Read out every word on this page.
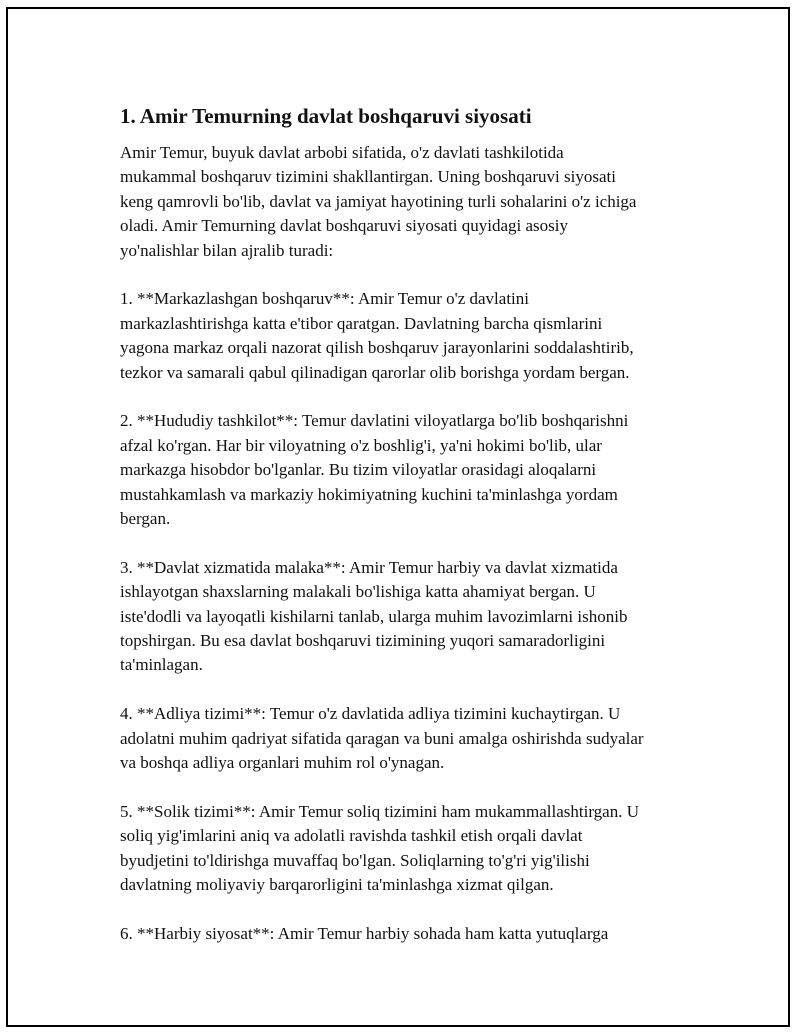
1. Amir Temurning davlat boshqaruvi siyosati
Amir Temur, buyuk davlat arbobi sifatida, o'z davlati tashkilotida
mukammal boshqaruv tizimini shakllantirgan. Uning boshqaruvi siyosati
keng qamrovli bo'lib, davlat va jamiyat hayotining turli sohalarini o'z ichiga
oladi. Amir Temurning davlat boshqaruvi siyosati quyidagi asosiy
yo'nalishlar bilan ajralib turadi:
1. **Markazlashgan boshqaruv**: Amir Temur o'z davlatini
markazlashtirishga katta e'tibor qaratgan. Davlatning barcha qismlarini
yagona markaz orqali nazorat qilish boshqaruv jarayonlarini soddalashtirib,
tezkor va samarali qabul qilinadigan qarorlar olib borishga yordam bergan.
2. **Hududiy tashkilot**: Temur davlatini viloyatlarga bo'lib boshqarishni
afzal ko'rgan. Har bir viloyatning o'z boshlig'i, ya'ni hokimi bo'lib, ular
markazga hisobdor bo'lganlar. Bu tizim viloyatlar orasidagi aloqalarni
mustahkamlash va markaziy hokimiyatning kuchini ta'minlashga yordam
bergan.
3. **Davlat xizmatida malaka**: Amir Temur harbiy va davlat xizmatida
ishlayotgan shaxslarning malakali bo'lishiga katta ahamiyat bergan. U
iste'dodli va layoqatli kishilarni tanlab, ularga muhim lavozimlarni ishonib
topshirgan. Bu esa davlat boshqaruvi tizimining yuqori samaradorligini
ta'minlagan.
4. **Adliya tizimi**: Temur o'z davlatida adliya tizimini kuchaytirgan. U
adolatni muhim qadriyat sifatida qaragan va buni amalga oshirishda sudyalar
va boshqa adliya organlari muhim rol o'ynagan.
5. **Solik tizimi**: Amir Temur soliq tizimini ham mukammallashtirgan. U
soliq yig'imlarini aniq va adolatli ravishda tashkil etish orqali davlat
byudjetini to'ldirishga muvaffaq bo'lgan. Soliqlarning to'g'ri yig'ilishi
davlatning moliyaviy barqarorligini ta'minlashga xizmat qilgan.
6. **Harbiy siyosat**: Amir Temur harbiy sohada ham katta yutuqlarga
